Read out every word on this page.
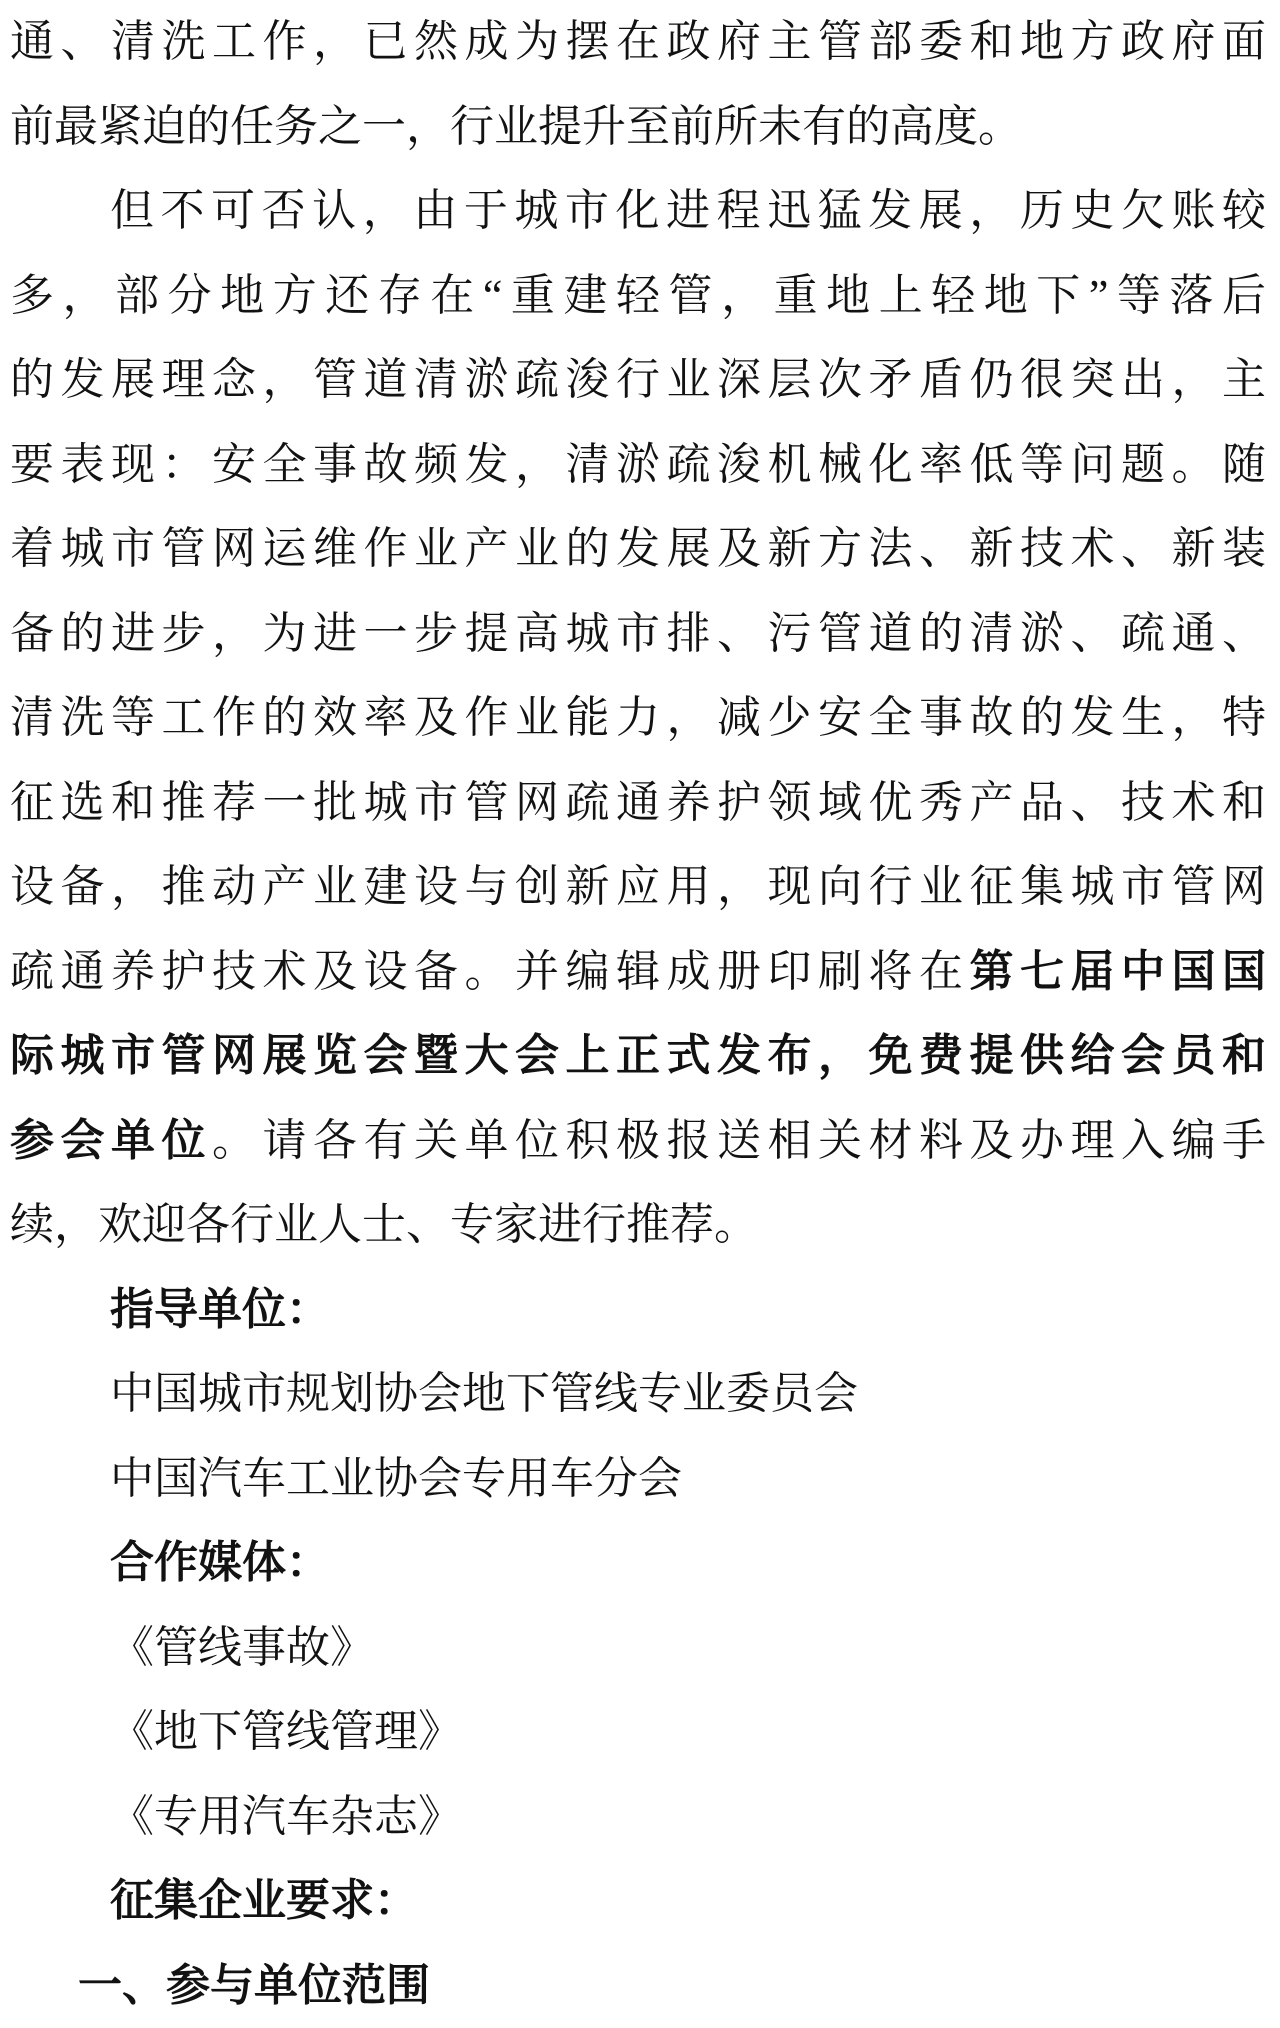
通、清洗工作，已然成为摆在政府主管部委和地方政府面
前最紧迫的任务之一，行业提升至前所未有的高度。
但不可否认，由于城市化进程迅猛发展，历史欠账较
多，部分地方还存在“重建轻管，重地上轻地下”等落后
的发展理念，管道清淤疏浚行业深层次矛盾仍很突出，主
要表现：安全事故频发，清淤疏浚机械化率低等问题。随
着城市管网运维作业产业的发展及新方法、新技术、新装
备的进步，为进一步提高城市排、污管道的清淤、疏通、
清洗等工作的效率及作业能力，减少安全事故的发生，特
征选和推荐一批城市管网疏通养护领域优秀产品、技术和
设备，推动产业建设与创新应用，现向行业征集城市管网
疏通养护技术及设备。并编辑成册印刷将在第七届中国国
际城市管网展览会暨大会上正式发布，免费提供给会员和
参会单位。请各有关单位积极报送相关材料及办理入编手
续，欢迎各行业人士、专家进行推荐。
指导单位：
中国城市规划协会地下管线专业委员会
中国汽车工业协会专用车分会
合作媒体：
《管线事故》
《地下管线管理》
《专用汽车杂志》
征集企业要求：
一、参与单位范围
